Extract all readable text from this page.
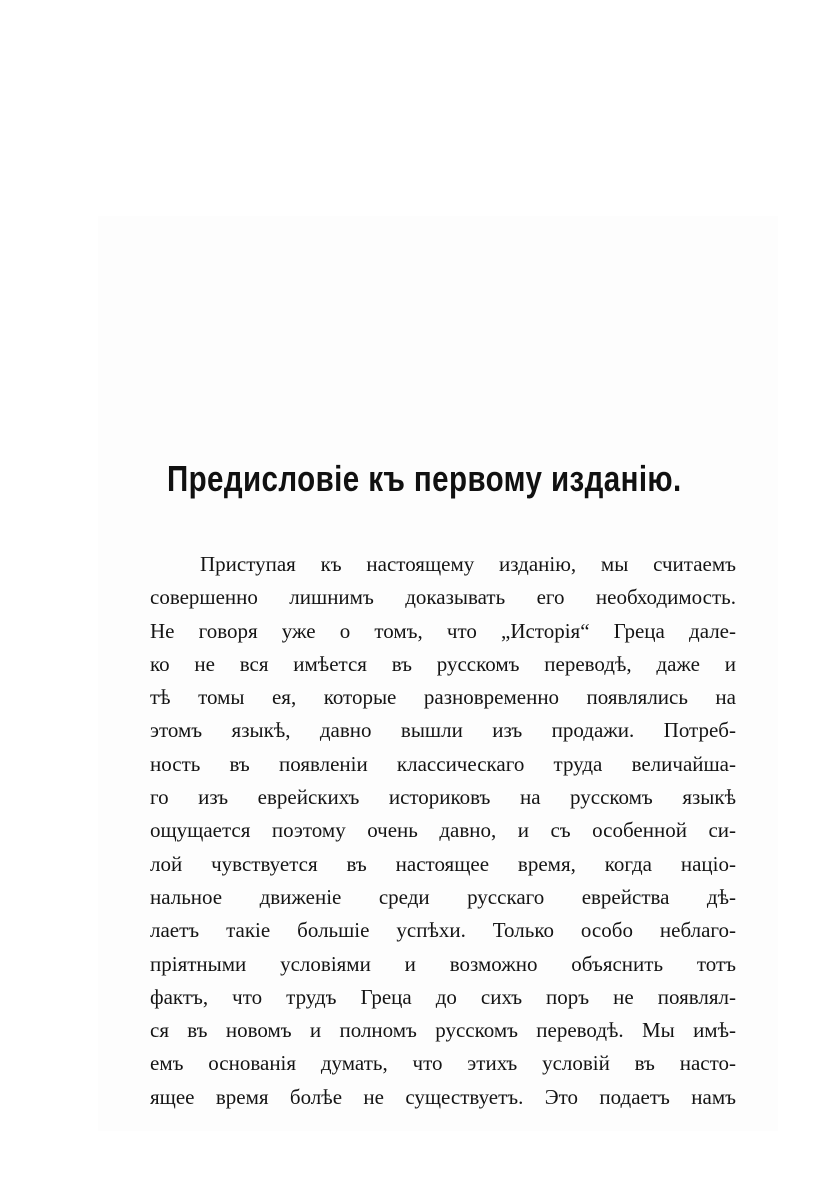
Предисловіе къ первому изданію.
Приступая къ настоящему изданію, мы считаемъ
совершенно лишнимъ доказывать его необходимость.
Не говоря уже о томъ, что „Исторія“ Греца дале-
ко не вся имѣется въ русскомъ переводѣ, даже и
тѣ томы ея, которые разновременно появлялись на
этомъ языкѣ, давно вышли изъ продажи. Потреб-
ность въ появленіи классическаго труда величайша-
го изъ еврейскихъ историковъ на русскомъ языкѣ
ощущается поэтому очень давно, и съ особенной си-
лой чувствуется въ настоящее время, когда націо-
нальное движеніе среди русскаго еврейства дѣ-
лаетъ такіе большіе успѣхи. Только особо неблаго-
пріятными условіями и возможно объяснить тотъ
фактъ, что трудъ Греца до сихъ поръ не появлял-
ся въ новомъ и полномъ русскомъ переводѣ. Мы имѣ-
емъ основанія думать, что этихъ условій въ насто-
ящее время болѣе не существуетъ. Это подаетъ намъ
